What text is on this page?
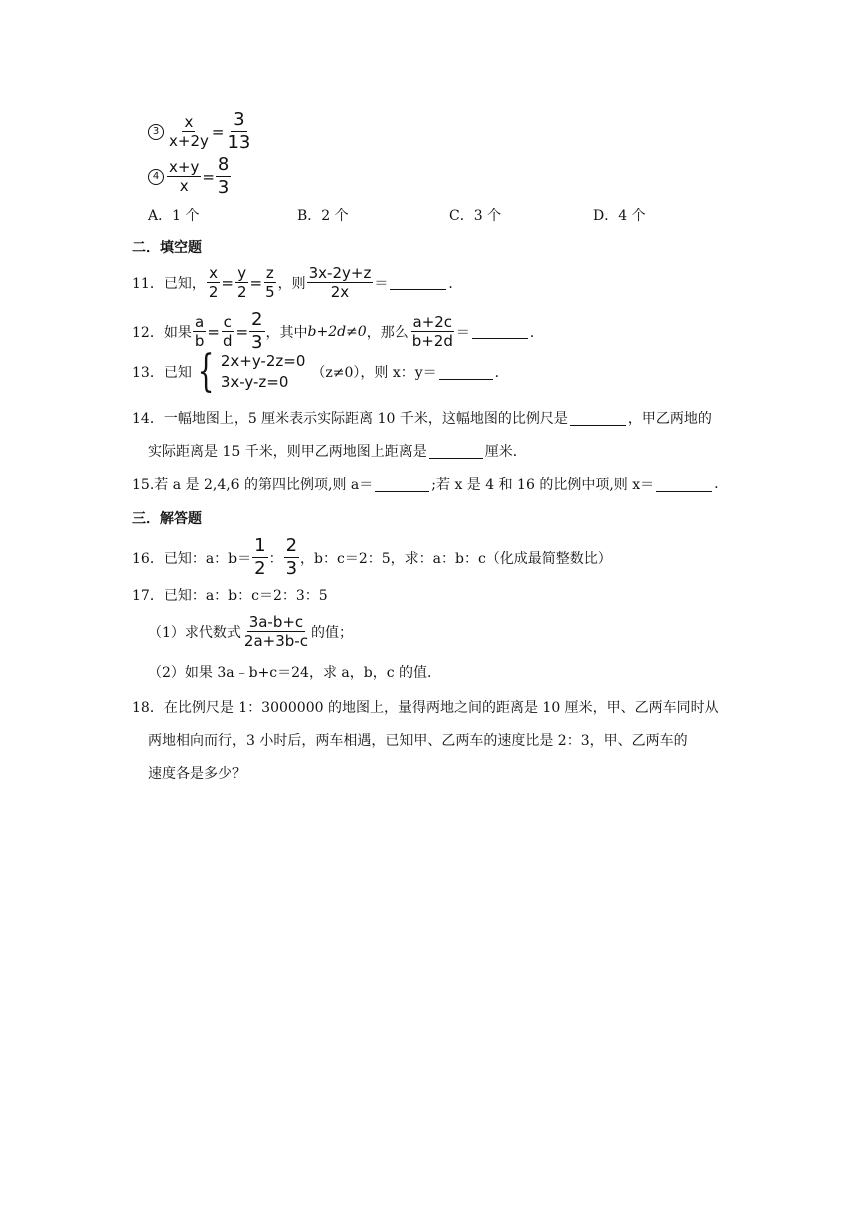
$3 \frac{x}{x+2y} = \frac{3}{13}$
$4 \frac{x+y}{x} = \frac{8}{3}$
A．1 个	B．2 个	C．3 个	D．4 个
二．填空题
11．已知， $\frac{x}{2} = \frac{y}{2} = \frac{z}{5}$ ，则 $\frac{3x-2y+z}{2x}$ ＝	．
12．如果 $\frac{a}{b} = \frac{c}{d} = \frac{2}{3}$ ，其中 b+2d≠0 ，那么 $\frac{a+2c}{b+2d}$ ＝	．
13．已知 { 2x+y-2z=0
3x-y-z=0	（z≠0），则 x：y＝	．
14．一幅地图上，5 厘米表示实际距离 10 千米，这幅地图的比例尺是	，甲乙两地的
实际距离是 15 千米，则甲乙两地图上距离是	厘米．
15.若 a 是 2,4,6 的第四比例项,则 a＝	;若 x 是 4 和 16 的比例中项,则 x＝	.
三．解答题
16．已知：a：$b= \frac{1}{2}$ ： $\frac{2}{3}$ ，b：c＝2：5，求：a：b：c（化成最简整数比）
17．已知：a：b：c＝2：3：5
（1）求代数式 $\frac{3a-b+c}{2a+3b-c}$ 的值；
（2）如果 3a﹣b+c＝24，求 a，b，c 的值．
18．在比例尺是 1：3000000 的地图上，量得两地之间的距离是 10 厘米，甲、乙两车同时从
两地相向而行，3 小时后，两车相遇，已知甲、乙两车的速度比是 2：3，甲、乙两车的
速度各是多少？
